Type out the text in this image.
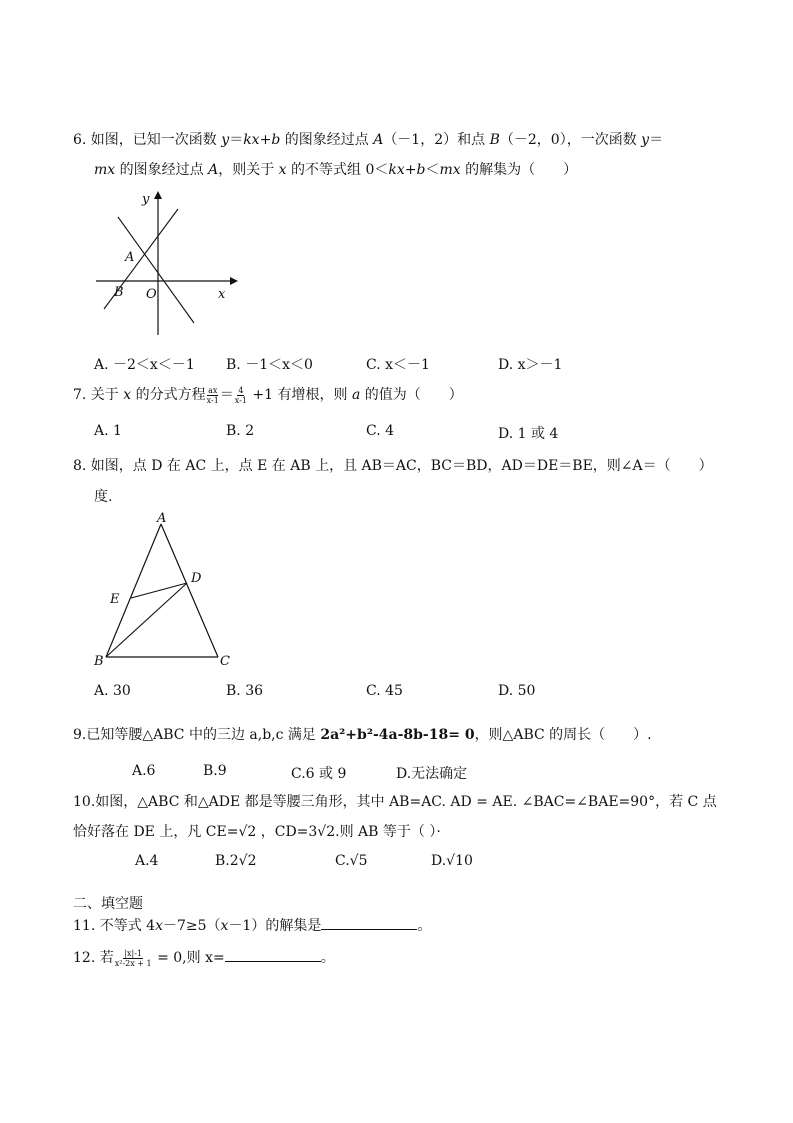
6. 如图，已知一次函数 y＝kx+b 的图象经过点 A（－1，2）和点 B（－2，0），一次函数 y＝
mx 的图象经过点 A，则关于 x 的不等式组 0＜kx+b＜mx 的解集为（　　）
y
x
A
B O
A. －2＜x＜－1 B. －1＜x＜0	C. x＜－1	D. x＞－1
7. 关于 x 的分式方程 $\frac{ax}{x-1} = \frac{4}{x-1} +1$ 有增根，则 a 的值为（　　）
A. 1	B. 2	C. 4	D. 1 或 4
8. 如图，点 D 在 AC 上，点 E 在 AB 上，且 AB＝AC，BC＝BD，AD＝DE＝BE，则∠A＝（　　）
度.
A
B	C
D
E
A. 30	B. 36	C. 45	D. 50
9.已知等腰△ABC 中的三边 a,b,c 满足 2a²+b²-4a-8b-18= 0，则△ABC 的周长（　　）.
A.6	B.9	C.6 或 9	D.无法确定
10.如图，△ABC 和△ADE 都是等腰三角形，其中 AB=AC. AD = AE. ∠BAC=∠BAE=90°，若 C 点
恰好落在 DE 上，凡 CE=√2 ，CD=3√2.则 AB 等于（ ）·
A.4	B.2√2	C.√5	D.√10
二、填空题
11. 不等式 4x－7≥5（x－1）的解集是	。
12. 若 $\frac{|x|-1}{\text{x²-2x + 1}} = 0$,则 x=	。
